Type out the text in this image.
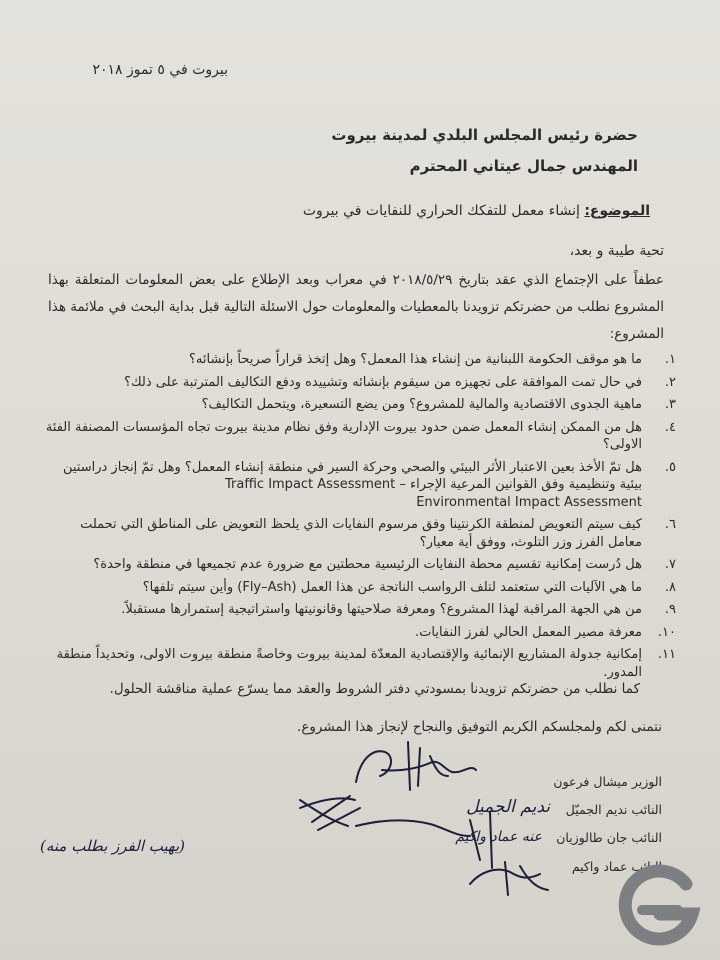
بيروت في ٥ تموز ٢٠١٨
حضرة رئيس المجلس البلدي لمدينة بيروت
المهندس جمال عيتاني المحترم
الموضوع: إنشاء معمل للتفكك الحراري للنفايات في بيروت
تحية طيبة و بعد،
عطفاً على الإجتماع الذي عقد بتاريخ ٢٠١٨/٥/٢٩ في معراب وبعد الإطلاع على بعض المعلومات المتعلقة بهذا المشروع نطلب من حضرتكم تزويدنا بالمعطيات والمعلومات حول الاسئلة التالية قبل بداية البحث في ملائمة هذا المشروع:
١.
ما هو موقف الحكومة اللبنانية من إنشاء هذا المعمل؟ وهل إتخذ قراراً صريحاً بإنشائه؟
٢.
في حال تمت الموافقة على تجهيزه من سيقوم بإنشائه وتشييده ودفع التكاليف المترتبة على ذلك؟
٣.
ماهية الجدوى الاقتصادية والمالية للمشروع؟ ومن يضع التسعيرة، ويتحمل التكاليف؟
٤.
هل من الممكن إنشاء المعمل ضمن حدود بيروت الإدارية وفق نظام مدينة بيروت تجاه المؤسسات المصنفة الفئة الاولى؟
٥.
هل تمّ الأخذ بعين الاعتبار الأثر البيئي والصحي وحركة السير في منطقة إنشاء المعمل؟ وهل تمّ إنجاز دراستين بيئية وتنظيمية وفق القوانين المرعية الإجراء – Traffic Impact Assessment
Environmental Impact Assessment
٦.
كيف سيتم التعويض لمنطقة الكرنتينا وفق مرسوم النفايات الذي يلحظ التعويض على المناطق التي تحملت معامل الفرز وزر التلوث، ووفق أية معيار؟
٧.
هل دُرست إمكانية تقسيم محطة النفايات الرئيسية محطتين مع ضرورة عدم تجميعها في منطقة واحدة؟
٨.
ما هي الآليات التي ستعتمد لتلف الرواسب الناتجة عن هذا العمل (Fly–Ash) وأين سيتم تلفها؟
٩.
من هي الجهة المراقبة لهذا المشروع؟ ومعرفة صلاحيتها وقانونيتها واستراتيجية إستمرارها مستقبلاً.
١٠.
معرفة مصير المعمل الحالي لفرز النفايات.
١١.
إمكانية جدولة المشاريع الإنمائية والإقتصادية المعدّة لمدينة بيروت وخاصةً منطقة بيروت الاولى، وتحديداً منطقة المدور.
كما نطلب من حضرتكم تزويدنا بمسودتي دفتر الشروط والعقد مما يسرّع عملية مناقشة الحلول.
نتمنى لكم ولمجلسكم الكريم التوفيق والنجاح لإنجاز هذا المشروع.
الوزير ميشال فرعون
النائب نديم الجميّل
النائب جان طالوزيان
النائب عماد واكيم
نديم الجميل
عنه عماد واكيم
(يهيب الفرز بطلب منه)
